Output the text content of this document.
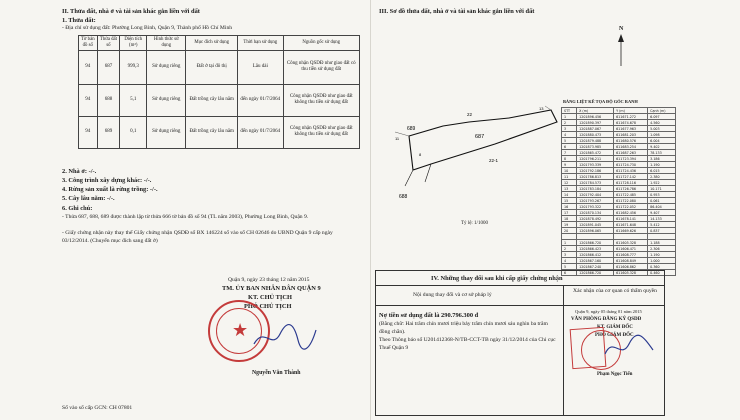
II. Thửa đất, nhà ở và tài sản khác gắn liền với đất
1. Thửa đất:
- Địa chỉ sử dụng đất: Phường Long Bình, Quận 9, Thành phố Hồ Chí Minh
Tờ bản đồ số	Thửa đất số	Diện tích (m²)	Hình thức sử dụng	Mục đích sử dụng	Thời hạn sử dụng	Nguồn gốc sử dụng
94	687	999,3	Sử dụng riêng	Đất ở tại đô thị	Lâu dài	Công nhận QSDĐ như giao đất có thu tiền sử dụng đất
94	688	5,1	Sử dụng riêng	Đất trồng cây lâu năm	đến ngày 01/7/2064	Công nhận QSDĐ như giao đất không thu tiền sử dụng đất
94	689	0,1	Sử dụng riêng	Đất trồng cây lâu năm	đến ngày 01/7/2064	Công nhận QSDĐ như giao đất không thu tiền sử dụng đất
2. Nhà ở: -/-.
3. Công trình xây dựng khác: -/-.
4. Rừng sản xuất là rừng trồng: -/-.
5. Cây lâu năm: -/-.
6. Ghi chú:
- Thửa 687, 688, 689 được thành lập từ thửa 666 tờ bản đồ số 94 (TL năm 2003), Phường Long Bình, Quận 9.
- Giấy chứng nhận này thay thế Giấy chứng nhận QSDĐ số BX 146224 số vào sổ CH 02646 do UBND Quận 9 cấp ngày 03/12/2014. (Chuyển mục đích sang đất ở)
Quận 9, ngày 23 tháng 12 năm 2015
TM. ỦY BAN NHÂN DÂN QUẬN 9
KT. CHỦ TỊCH
PHÓ CHỦ TỊCH
★
Nguyễn Văn Thành
Số vào sổ cấp GCN: CH 07801
III. Sơ đồ thửa đất, nhà ở và tài sản khác gắn liền với đất
N
687
689
688
22
22-1
13
11
8
Tỷ lệ: 1/1000
BẢNG LIỆT KÊ TỌA ĐỘ GÓC RANH
STT	X (m)	Y (m)	Cạnh (m)
1	1201896.456	611671.272	6.097
2	1201890.397	611674.678	4.560
3	1201887.067	611677.963	5.003
4	1201880.473	611681.203	1.098
5	1201879.488	611680.576	6.004
6	1201873.985	611683.254	9.402
7	1201865.472	611687.263	78.133
8	1201796.211	611723.394	3.186
9	1201793.339	611724.730	1.190
10	1201792.186	611724.436	6.015
11	1201786.813	611727.142	2.380
12	1201784.573	611728.116	1.922
13	1201783.184	611726.786	10.171
14	1201792.404	611722.485	0.953
15	1201793.267	611722.080	0.061
16	1201793.322	611722.052	86.404
17	1201870.134	611682.456	9.407
18	1201878.492	611678.141	14.133
19	1201891.045	611671.648	5.412
20	1201896.065	611669.626	0.837

1	1201866.720	611605.328	1.188
2	1201866.423	611606.471	2.306
3	1201866.412	611608.777	1.190
4	1201867.160	611608.849	1.000
5	1201867.240	611606.862	0.360
6	1201866.720	611605.328	0.460
IV. Những thay đổi sau khi cấp giấy chứng nhận
Nội dung thay đổi và cơ sở pháp lý
Xác nhận của cơ quan có thẩm quyền
Nợ tiền sử dụng đất là 290.796.300 đ
(Bằng chữ: Hai trăm chín mươi triệu bảy trăm chín mươi sáu nghìn ba trăm đồng chẵn).
Theo Thông báo số U201412368-N/TB-CCT-TB ngày 31/12/2014 của Chi cục Thuế Quận 9
Quận 9, ngày 05 tháng 01 năm 2015
VĂN PHÒNG ĐĂNG KÝ QSDĐ
KT. GIÁM ĐỐC
PHÓ GIÁM ĐỐC
Phạm Ngọc Tiến
